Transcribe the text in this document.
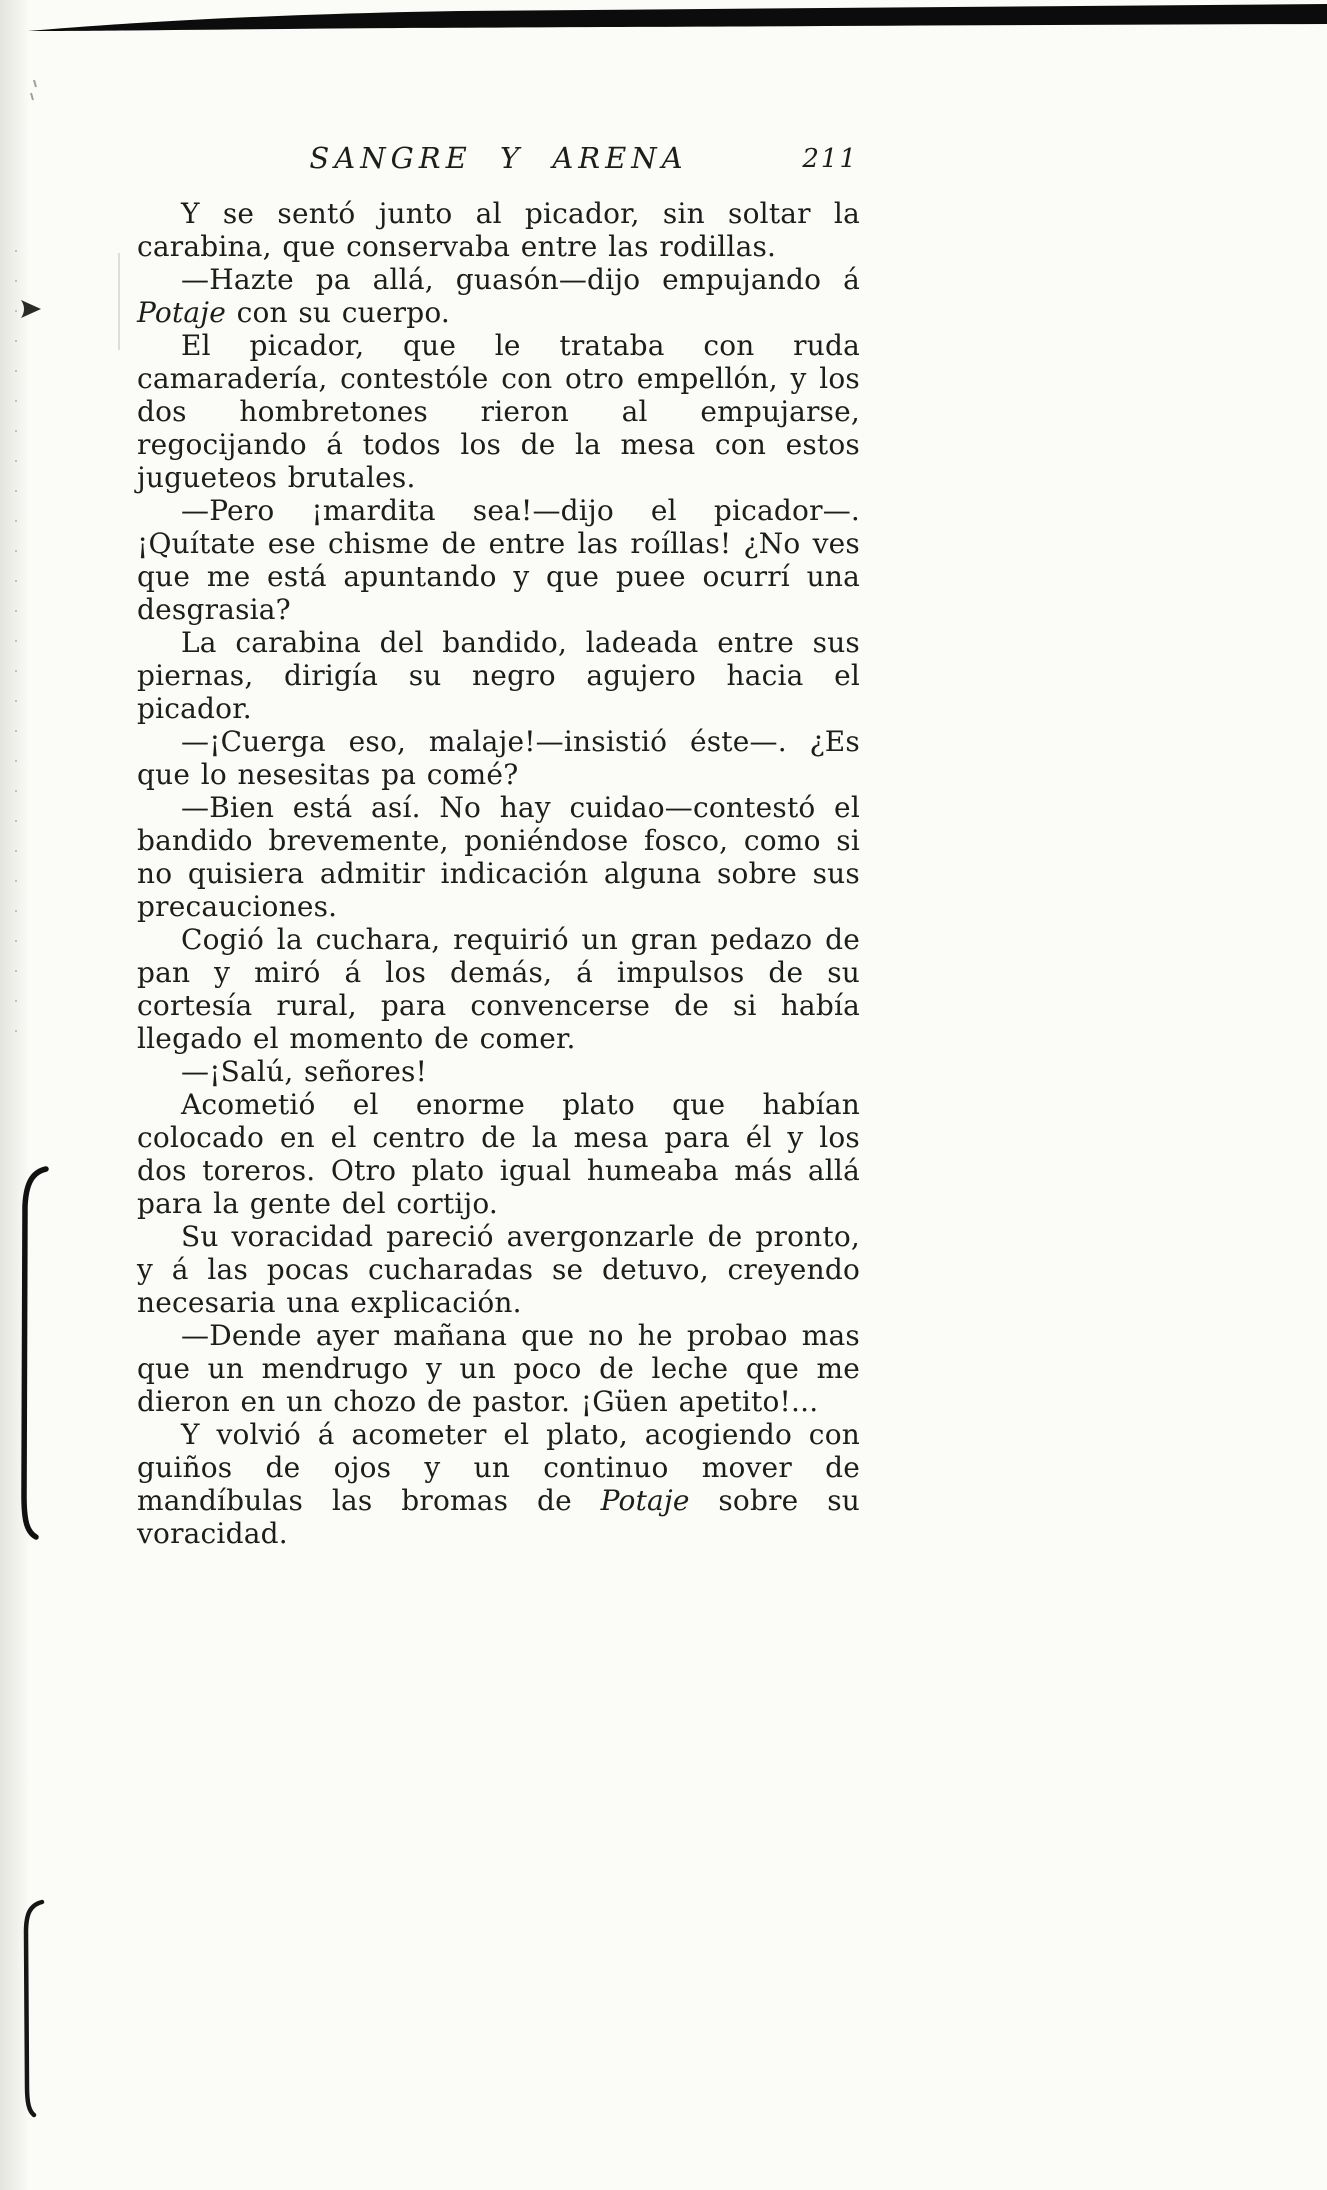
SANGRE Y ARENA	211

Y se sentó junto al picador, sin soltar la carabina, que conservaba entre las rodillas.

—Hazte pa allá, guasón—dijo empujando á Potaje con su cuerpo.

El picador, que le trataba con ruda camaradería, contestóle con otro empellón, y los dos hombretones rieron al empujarse, regocijando á todos los de la mesa con estos jugueteos brutales.

—Pero ¡mardita sea!—dijo el picador—. ¡Quítate ese chisme de entre las roíllas! ¿No ves que me está apuntando y que puee ocurrí una desgrasia?

La carabina del bandido, ladeada entre sus piernas, dirigía su negro agujero hacia el picador.

—¡Cuerga eso, malaje!—insistió éste—. ¿Es que lo nesesitas pa comé?

—Bien está así. No hay cuidao—contestó el bandido brevemente, poniéndose fosco, como si no quisiera admitir indicación alguna sobre sus precauciones.

Cogió la cuchara, requirió un gran pedazo de pan y miró á los demás, á impulsos de su cortesía rural, para convencerse de si había llegado el momento de comer.

—¡Salú, señores!

Acometió el enorme plato que habían colocado en el centro de la mesa para él y los dos toreros. Otro plato igual humeaba más allá para la gente del cortijo.

Su voracidad pareció avergonzarle de pronto, y á las pocas cucharadas se detuvo, creyendo necesaria una explicación.

—Dende ayer mañana que no he probao mas que un mendrugo y un poco de leche que me dieron en un chozo de pastor. ¡Güen apetito!...

Y volvió á acometer el plato, acogiendo con guiños de ojos y un continuo mover de mandíbulas las bromas de Potaje sobre su voracidad.
